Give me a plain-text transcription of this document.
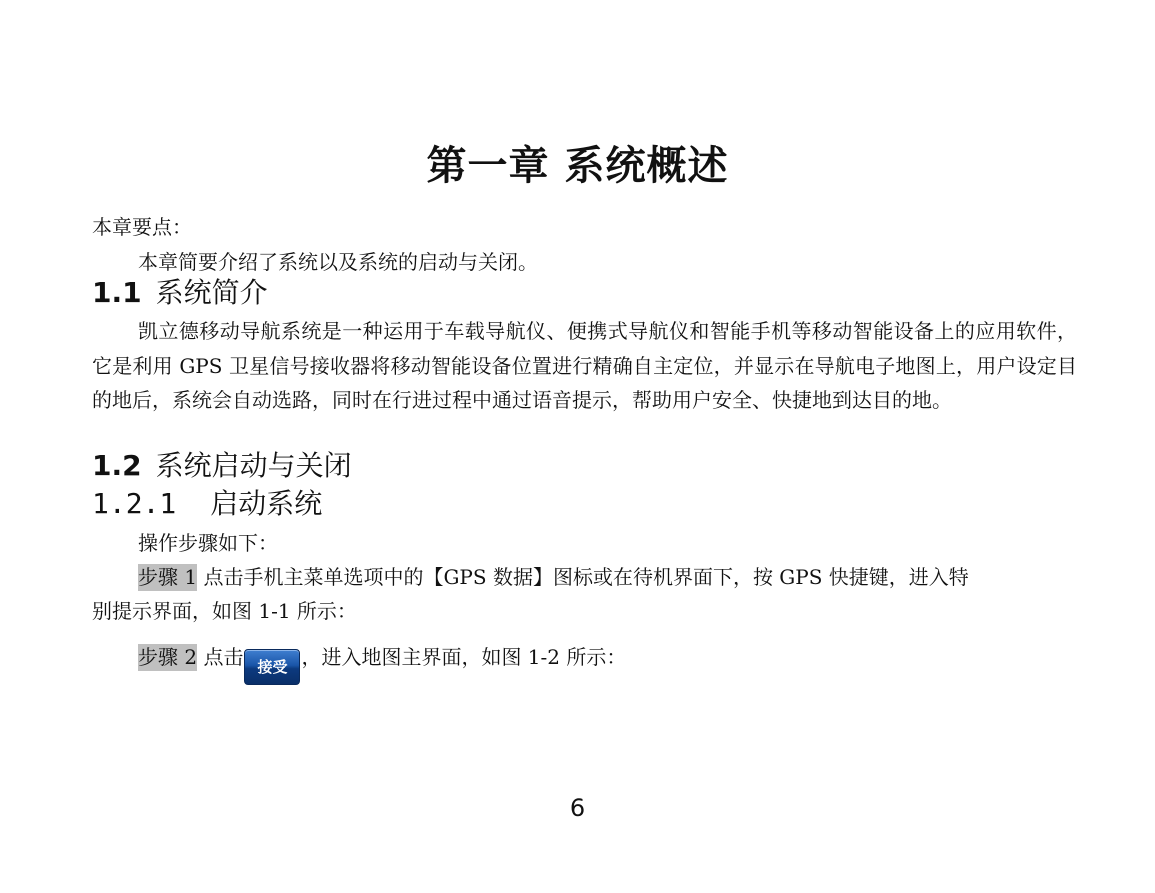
第一章 系统概述
本章要点：
本章简要介绍了系统以及系统的启动与关闭。
1.1 系统简介
凯立德移动导航系统是一种运用于车载导航仪、便携式导航仪和智能手机等移动智能设备上的应用软件，它是利用 GPS 卫星信号接收器将移动智能设备位置进行精确自主定位，并显示在导航电子地图上，用户设定目的地后，系统会自动选路，同时在行进过程中通过语音提示，帮助用户安全、快捷地到达目的地。
1.2 系统启动与关闭
1.2.1 启动系统
操作步骤如下：
步骤 1 点击手机主菜单选项中的【GPS 数据】图标或在待机界面下，按 GPS 快捷键，进入特
别提示界面，如图 1-1 所示：
步骤 2 点击 接受 ，进入地图主界面，如图 1-2 所示：
6
